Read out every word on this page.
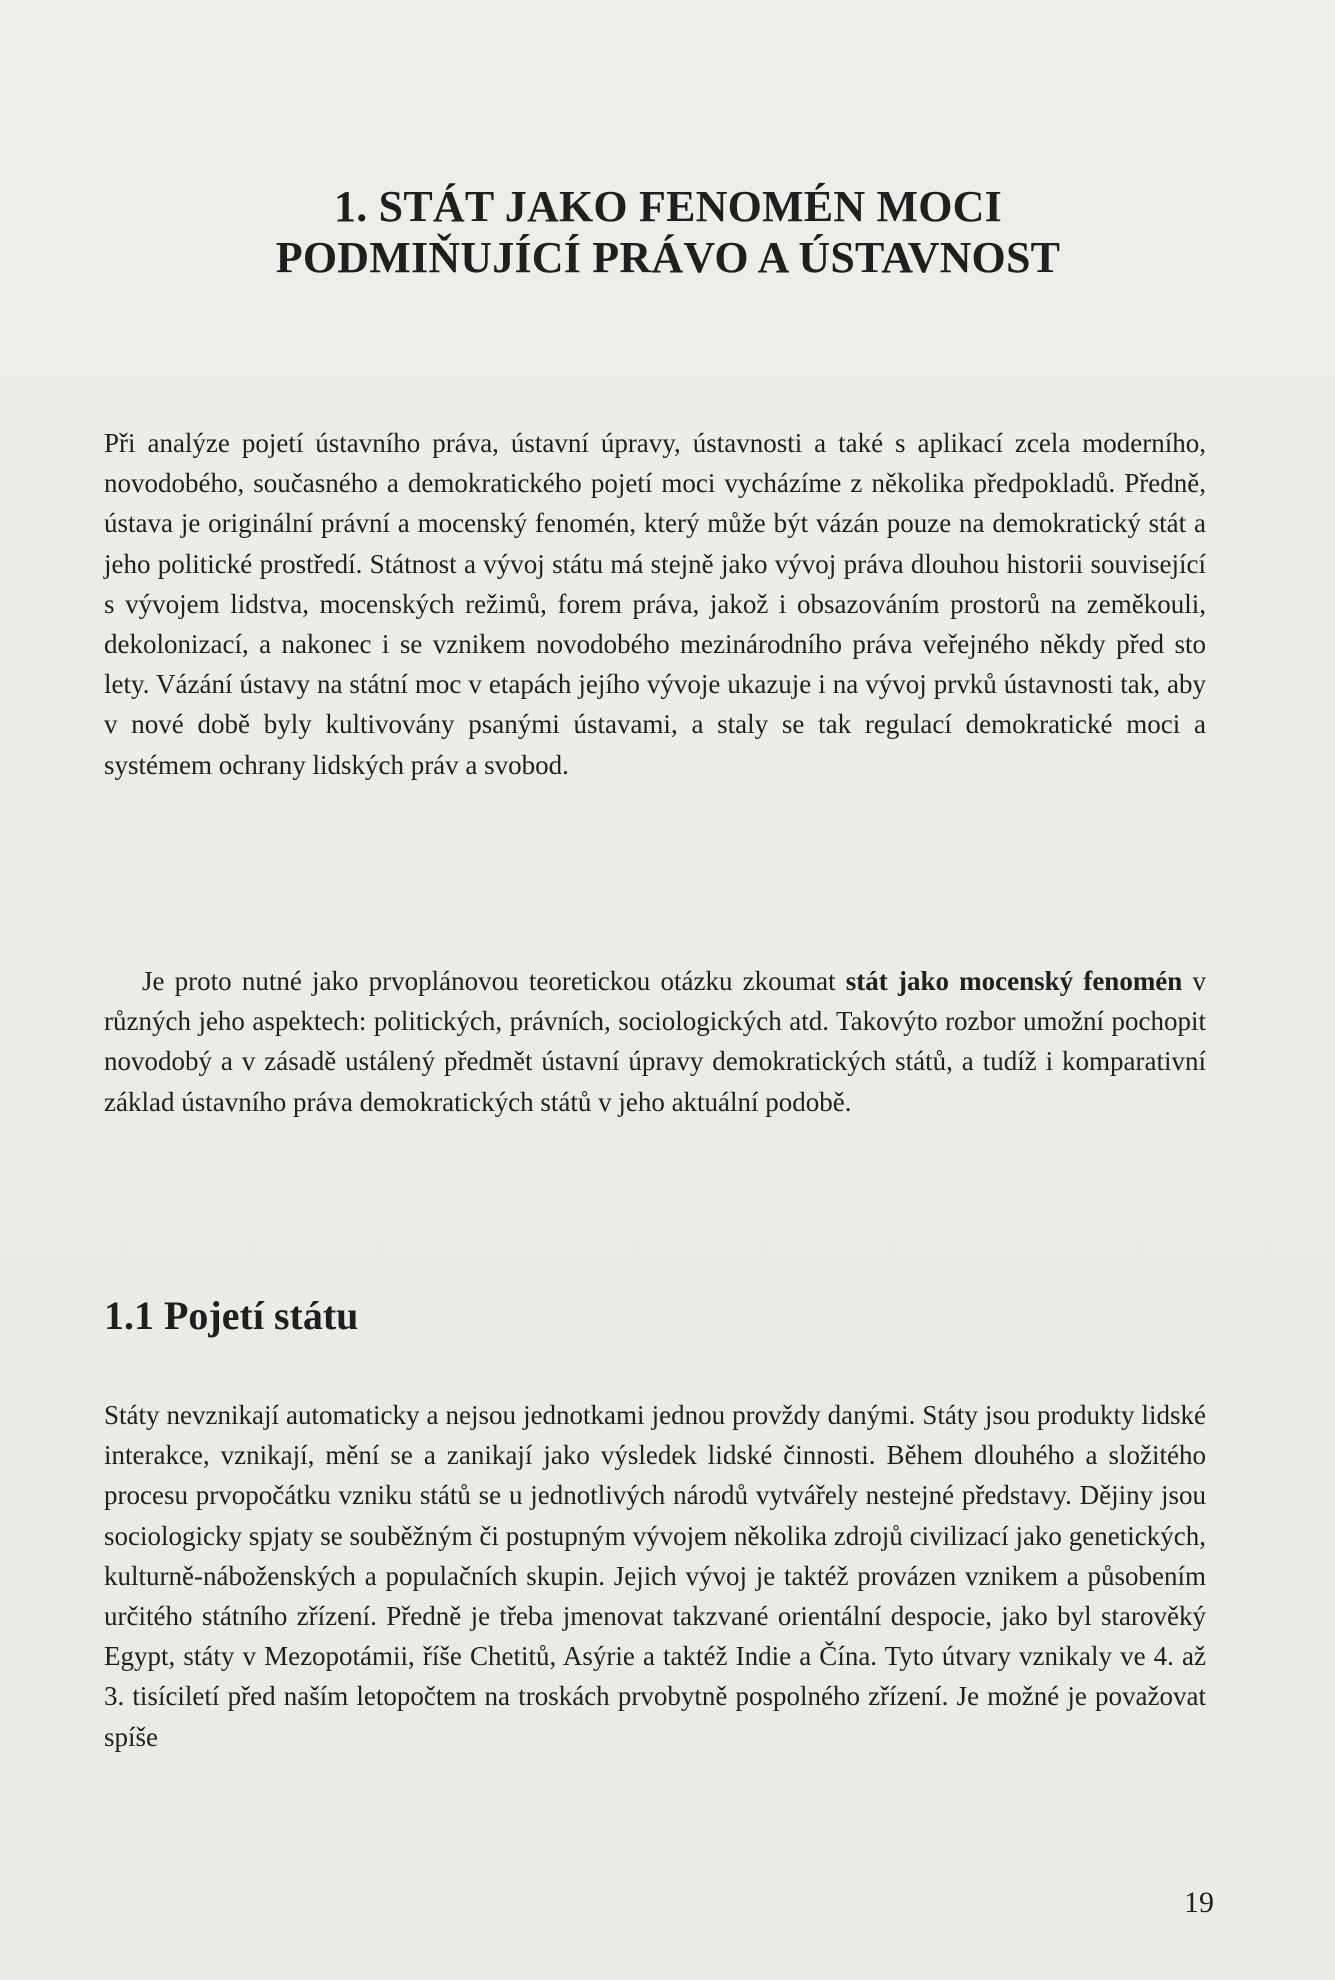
1. STÁT JAKO FENOMÉN MOCI
PODMIŇUJÍCÍ PRÁVO A ÚSTAVNOST

Při analýze pojetí ústavního práva, ústavní úpravy, ústavnosti a také s aplikací zcela moderního, novodobého, současného a demokratického pojetí moci vycházíme z několika předpokladů. Předně, ústava je originální právní a mocenský fenomén, který může být vázán pouze na demokratický stát a jeho politické prostředí. Státnost a vývoj státu má stejně jako vývoj práva dlouhou historii související s vývojem lidstva, mocenských režimů, forem práva, jakož i obsazováním prostorů na zeměkouli, dekolonizací, a nakonec i se vznikem novodobého mezinárodního práva veřejného někdy před sto lety. Vázání ústavy na státní moc v etapách jejího vývoje ukazuje i na vývoj prvků ústavnosti tak, aby v nové době byly kultivovány psanými ústavami, a staly se tak regulací demokratické moci a systémem ochrany lidských práv a svobod.

Je proto nutné jako prvoplánovou teoretickou otázku zkoumat stát jako mocenský fenomén v různých jeho aspektech: politických, právních, sociologických atd. Takovýto rozbor umožní pochopit novodobý a v zásadě ustálený předmět ústavní úpravy demokratických států, a tudíž i komparativní základ ústavního práva demokratických států v jeho aktuální podobě.

1.1 Pojetí státu

Státy nevznikají automaticky a nejsou jednotkami jednou provždy danými. Státy jsou produkty lidské interakce, vznikají, mění se a zanikají jako výsledek lidské činnosti. Během dlouhého a složitého procesu prvopočátku vzniku států se u jednotlivých národů vytvářely nestejné představy. Dějiny jsou sociologicky spjaty se souběžným či postupným vývojem několika zdrojů civilizací jako genetických, kulturně-náboženských a populačních skupin. Jejich vývoj je taktéž provázen vznikem a působením určitého státního zřízení. Předně je třeba jmenovat takzvané orientální despocie, jako byl starověký Egypt, státy v Mezopotámii, říše Chetitů, Asýrie a taktéž Indie a Čína. Tyto útvary vznikaly ve 4. až 3. tisíciletí před naším letopočtem na troskách prvobytně pospolného zřízení. Je možné je považovat spíše

19
